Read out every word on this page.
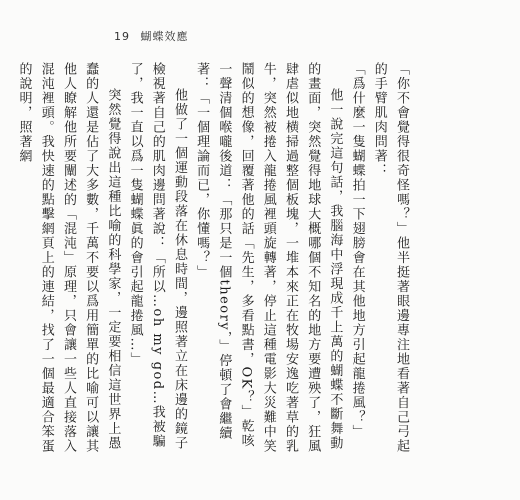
19 蝴蝶效應

「你不會覺得很奇怪嗎？」他半挺著眼邊專注地看著自己弓起的手臂肌肉問著：

「爲什麼一隻蝴蝶拍一下翅膀會在其他地方引起龍捲風？」

他一說完這句話，我腦海中浮現成千上萬的蝴蝶不斷舞動的畫面，突然覺得地球大概哪個不知名的地方要遭殃了，狂風肆虐似地横掃過整個板塊，一堆本來正在牧場安逸吃著草的乳牛，突然被捲入龍捲風裡頭旋轉著，停止這種電影大災難中笑鬧似的想像，回覆著他的話「先生，多看點書，OK？」乾咳一聲清個喉嚨後道：「那只是一個theory，」停頓了會繼續著：「一個理論而已，你懂嗎？」

他做了一個運動段落在休息時間，邊照著立在床邊的鏡子檢視著自己的肌肉邊問著說：「所以…oh my god…我被騙了，我一直以爲一隻蝴蝶眞的會引起龍捲風…」

突然覺得說出這種比喻的科學家，一定要相信這世界上愚蠢的人還是佔了大多數，千萬不要以爲用簡單的比喻可以讓其他人瞭解他所要闡述的「混沌」原理，只會讓一些人直接落入混沌裡頭。我快速的點擊網頁上的連結，找了一個最適合笨蛋的說明，照著網
